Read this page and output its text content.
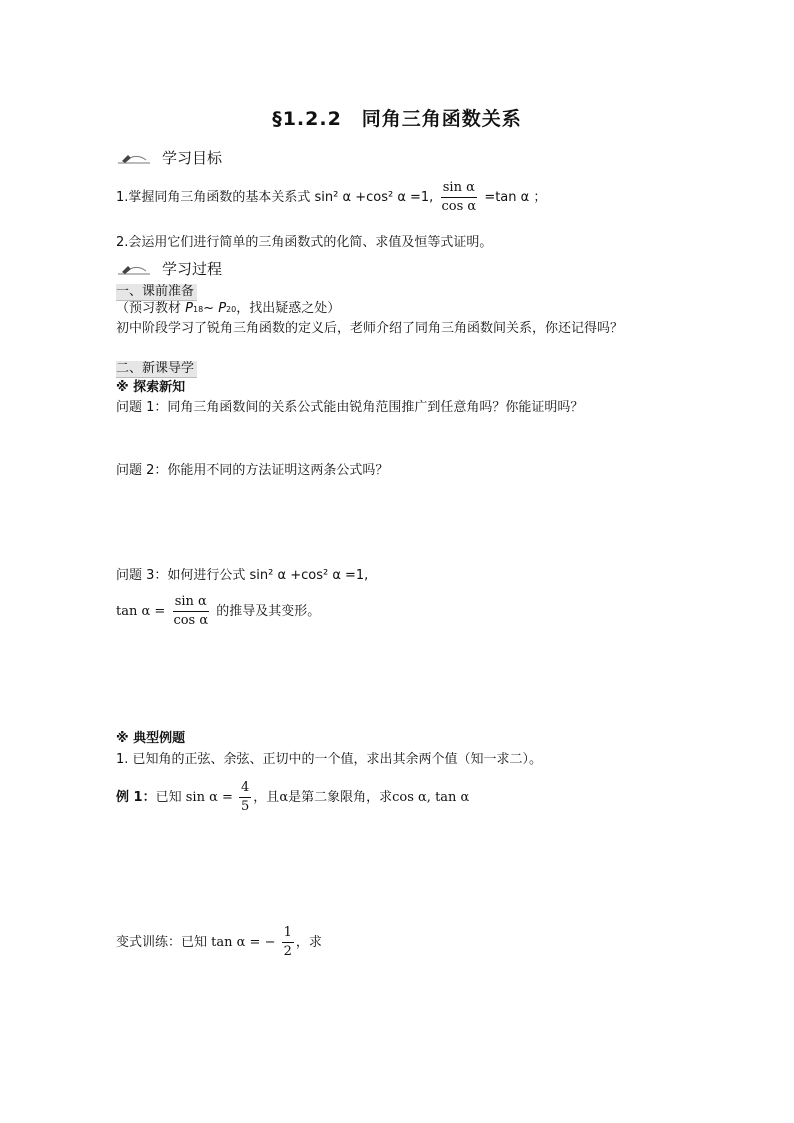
§1.2.2　同角三角函数关系
学习目标
1.掌握同角三角函数的基本关系式 sin² α +cos² α =1, $\frac{\text{sin α}}{\text{cos α}} =\tan$ α ；
2.会运用它们进行简单的三角函数式的化简、求值及恒等式证明。
学习过程
一、课前准备
（预习教材 P18~ P20，找出疑惑之处）
初中阶段学习了锐角三角函数的定义后，老师介绍了同角三角函数间关系，你还记得吗？
二、新课导学
※ 探索新知
问题 1：同角三角函数间的关系公式能由锐角范围推广到任意角吗？你能证明吗？
问题 2：你能用不同的方法证明这两条公式吗？
问题 3：如何进行公式 sin² α +cos² α =1,
$\tan \alpha = \frac{\text{sin α}}{\text{cos α}}$ 的推导及其变形。
※ 典型例题
1. 已知角的正弦、余弦、正切中的一个值，求出其余两个值（知一求二）。
例 1：已知 $\sin \alpha = \frac{4}{5}$ ，且α是第二象限角，求cos α, tan α
变式训练：已知 tan α = − $\frac{1}{2}$ ，求
